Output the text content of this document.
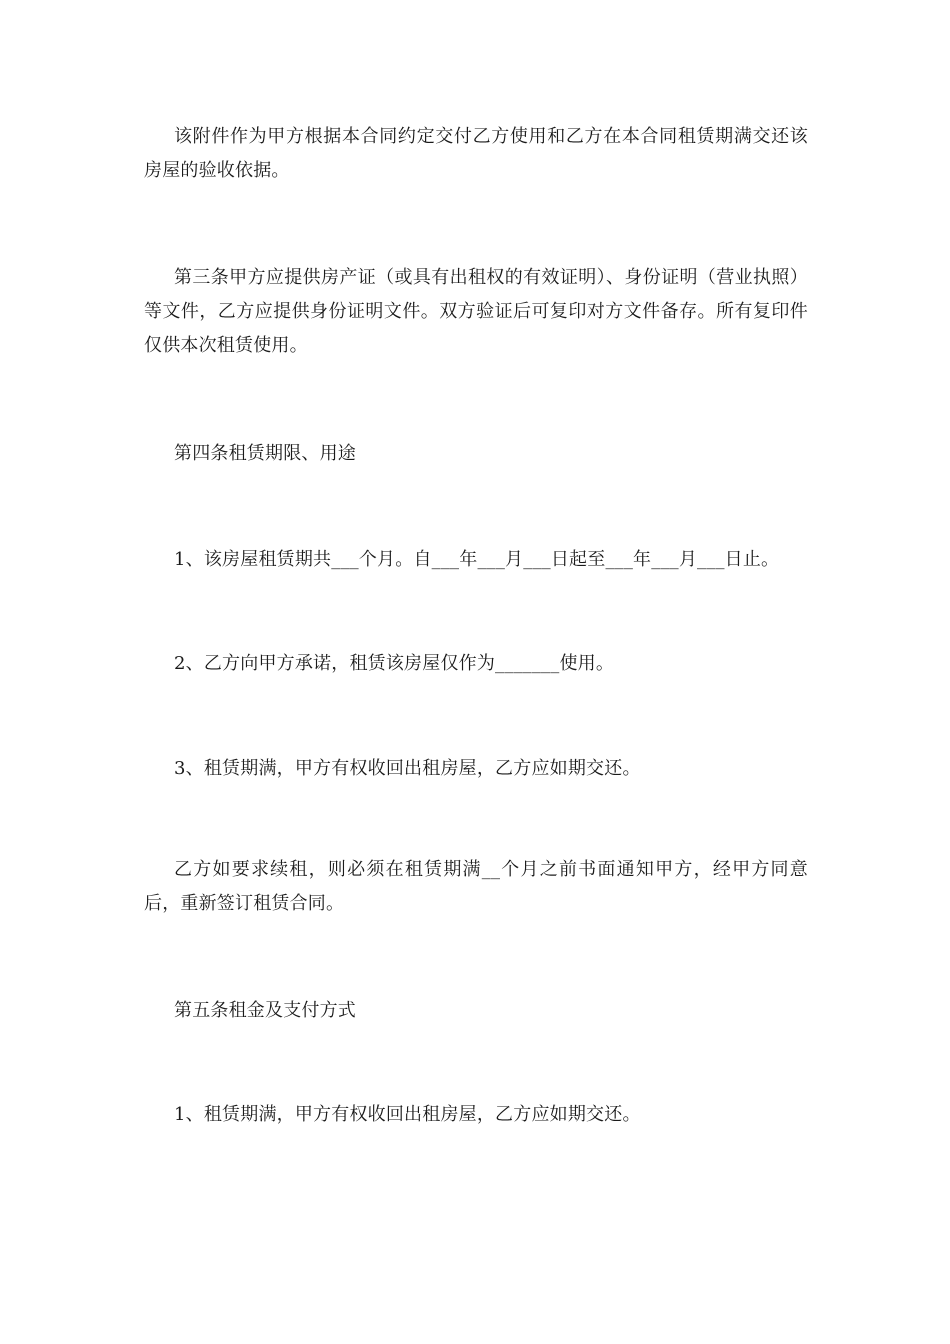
该附件作为甲方根据本合同约定交付乙方使用和乙方在本合同租赁期满交还该房屋的验收依据。

第三条甲方应提供房产证（或具有出租权的有效证明）、身份证明（营业执照）等文件，乙方应提供身份证明文件。双方验证后可复印对方文件备存。所有复印件仅供本次租赁使用。

第四条租赁期限、用途

1、该房屋租赁期共___个月。自___年___月___日起至___年___月___日止。

2、乙方向甲方承诺，租赁该房屋仅作为_______使用。

3、租赁期满，甲方有权收回出租房屋，乙方应如期交还。

乙方如要求续租，则必须在租赁期满__个月之前书面通知甲方，经甲方同意后，重新签订租赁合同。

第五条租金及支付方式

1、租赁期满，甲方有权收回出租房屋，乙方应如期交还。
